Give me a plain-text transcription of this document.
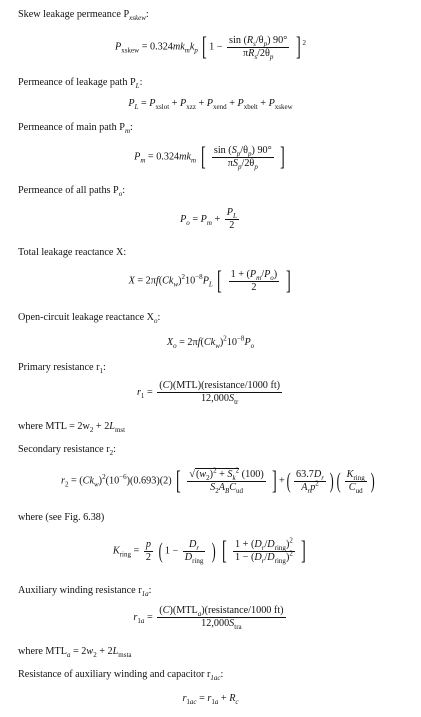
Skew leakage permeance $P_{xskew}$:
$P_{xskew} = 0.324mk_mk_p$ [ $1 - \frac{\sin (R_s/\theta_p) 90^\circ}{\pi R_s/2\theta_p}$ ] $^2$
Permeance of leakage path $P_L$:
$P_L = P_{xslot} + P_{xzz} + P_{xend} + P_{xbelt} + P_{xskew}$
Permeance of main path $P_m$:
$P_m = 0.324mk_m$ [ $\frac{\sin (S_p/\theta_p) 90^\circ}{\pi S_p/2\theta_p}$ ]
Permeance of all paths $P_o$:
$P_o = P_m + \frac{P_L}{2}$
Total leakage reactance X:
$X = 2\pi f(Ck_w)^210^{-8}P_L$ [ $\frac{1 + (P_m/P_o)}{2}$ ]
Open-circuit leakage reactance $X_o$:
$X_o = 2\pi f(Ck_w)^210^{-8}P_o$
Primary resistance $r_1$:
$r_1 = \frac{\text{(C)(MTL)(resistance/1000 ft)}}{12,000S_{tr}}$
where MTL = $2w_2 + 2L_{mst}$
Secondary resistance $r_2$:
$r_2 = (Ck_w)^2(10^{-6})(0.693)(2)$ [ $\frac{√(w_2)^2 + S_k^2 (100)}{S_2A_BC_{ud}}$ ] +( $\frac{63.7D_r}{A_rp^2}$ ) ( $\frac{K_{ring}}{C_{ud}}$ )
where (see Fig. 6.38)
$K_{ring} = \frac{p}{2}$ ( $1 - \frac{D_r}{D_{ring}}$ ) [ $\frac{1 + (D_r/D_{ring})^2}{1 - (D_r/D_{ring})^2}$ ]
Auxiliary winding resistance $r_{1a}$:
$r_{1a} = \frac{(C)(MTL_a)(resistance/1000 ft)}{12,000S_{tra}}$
where $MTL_a = 2w_2 + 2L_{msta}$
Resistance of auxiliary winding and capacitor $r_{1ac}$:
$r_{1ac} = r_{1a} + R_c$
